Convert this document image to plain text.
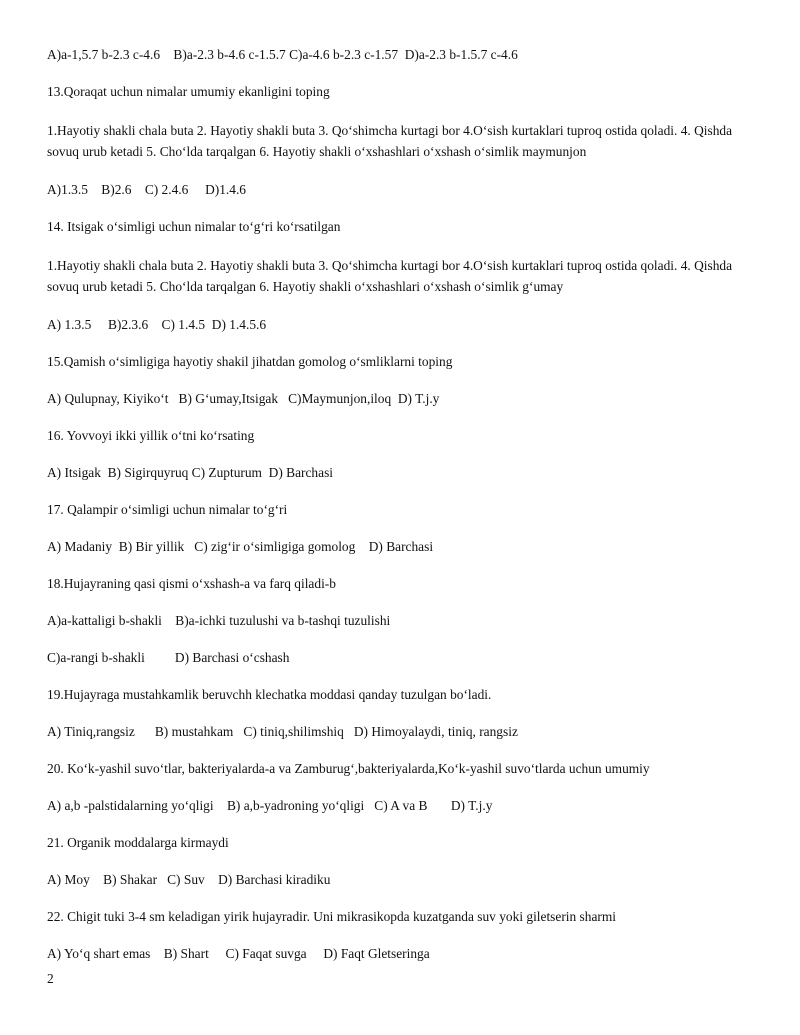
A)a-1,5.7 b-2.3 c-4.6    B)a-2.3 b-4.6 c-1.5.7 C)a-4.6 b-2.3 c-1.57  D)a-2.3 b-1.5.7 c-4.6
13.Qoraqat uchun nimalar umumiy ekanligini toping
1.Hayotiy shakli chala buta 2. Hayotiy shakli buta 3. Qo‘shimcha kurtagi bor 4.O‘sish kurtaklari tuproq ostida qoladi. 4. Qishda sovuq urub ketadi 5. Cho‘lda tarqalgan 6. Hayotiy shakli o‘xshashlari o‘xshash o‘simlik maymunjon
A)1.3.5    B)2.6    C) 2.4.6     D)1.4.6
14. Itsigak o‘simligi uchun nimalar to‘g‘ri ko‘rsatilgan
1.Hayotiy shakli chala buta 2. Hayotiy shakli buta 3. Qo‘shimcha kurtagi bor 4.O‘sish kurtaklari tuproq ostida qoladi. 4. Qishda sovuq urub ketadi 5. Cho‘lda tarqalgan 6. Hayotiy shakli o‘xshashlari o‘xshash o‘simlik g‘umay
A) 1.3.5     B)2.3.6    C) 1.4.5  D) 1.4.5.6
15.Qamish o‘simligiga hayotiy shakil jihatdan gomolog o‘smliklarni toping
A) Qulupnay, Kiyiko‘t   B) G‘umay,Itsigak   C)Maymunjon,iloq  D) T.j.y
16. Yovvoyi ikki yillik o‘tni ko‘rsating
A) Itsigak  B) Sigirquyruq C) Zupturum  D) Barchasi
17. Qalampir o‘simligi uchun nimalar to‘g‘ri
A) Madaniy  B) Bir yillik   C) zig‘ir o‘simligiga gomolog    D) Barchasi
18.Hujayraning qasi qismi o‘xshash-a va farq qiladi-b
A)a-kattaligi b-shakli    B)a-ichki tuzulushi va b-tashqi tuzulishi
C)a-rangi b-shakli         D) Barchasi o‘cshash
19.Hujayraga mustahkamlik beruvchh klechatka moddasi qanday tuzulgan bo‘ladi.
A) Tiniq,rangsiz      B) mustahkam   C) tiniq,shilimshiq   D) Himoyalaydi, tiniq, rangsiz
20. Ko‘k-yashil suvo‘tlar, bakteriyalarda-a va Zamburug‘,bakteriyalarda,Ko‘k-yashil suvo‘tlarda uchun umumiy
A) a,b -palstidalarning yo‘qligi    B) a,b-yadroning yo‘qligi   C) A va B       D) T.j.y
21. Organik moddalarga kirmaydi
A) Moy    B) Shakar   C) Suv    D) Barchasi kiradiku
22. Chigit tuki 3-4 sm keladigan yirik hujayradir. Uni mikrasikopda kuzatganda suv yoki giletserin sharmi
A) Yo‘q shart emas    B) Shart     C) Faqat suvga     D) Faqt Gletseringa
2
